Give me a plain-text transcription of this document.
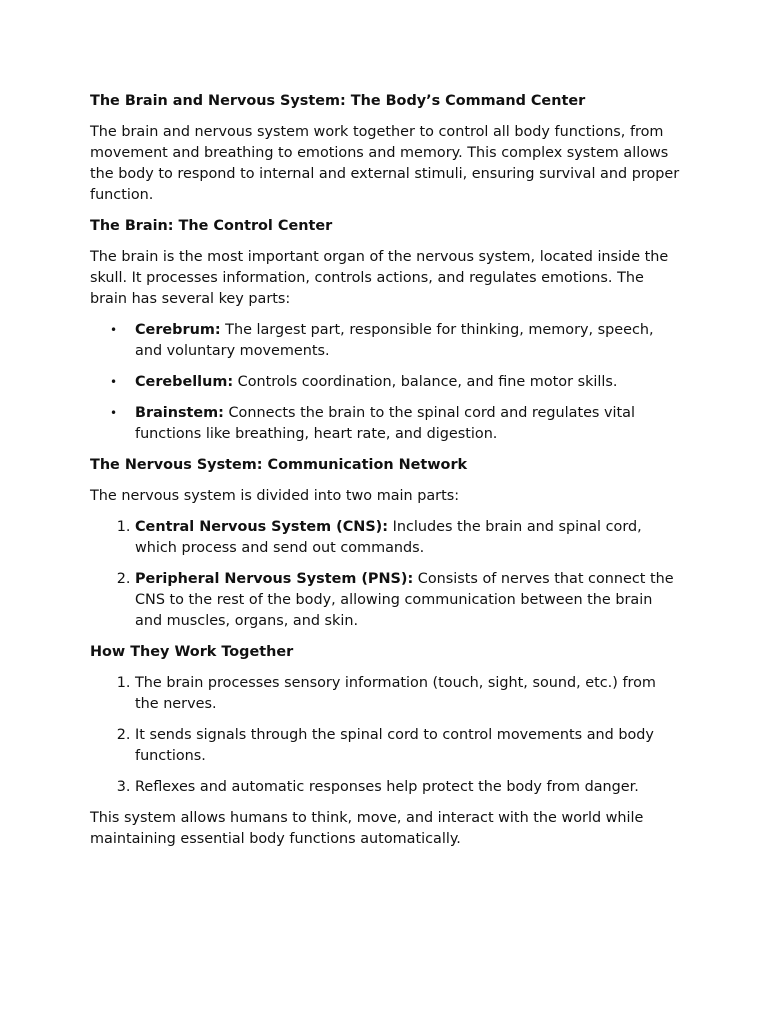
The Brain and Nervous System: The Body’s Command Center

The brain and nervous system work together to control all body functions, from movement and breathing to emotions and memory. This complex system allows the body to respond to internal and external stimuli, ensuring survival and proper function.

The Brain: The Control Center

The brain is the most important organ of the nervous system, located inside the skull. It processes information, controls actions, and regulates emotions. The brain has several key parts:

• Cerebrum: The largest part, responsible for thinking, memory, speech, and voluntary movements.
• Cerebellum: Controls coordination, balance, and fine motor skills.
• Brainstem: Connects the brain to the spinal cord and regulates vital functions like breathing, heart rate, and digestion.
The Nervous System: Communication Network

The nervous system is divided into two main parts:

1. Central Nervous System (CNS): Includes the brain and spinal cord, which process and send out commands.
2. Peripheral Nervous System (PNS): Consists of nerves that connect the CNS to the rest of the body, allowing communication between the brain and muscles, organs, and skin.
How They Work Together
1. The brain processes sensory information (touch, sight, sound, etc.) from the nerves.
2. It sends signals through the spinal cord to control movements and body functions.
3. Reflexes and automatic responses help protect the body from danger.

This system allows humans to think, move, and interact with the world while maintaining essential body functions automatically.
